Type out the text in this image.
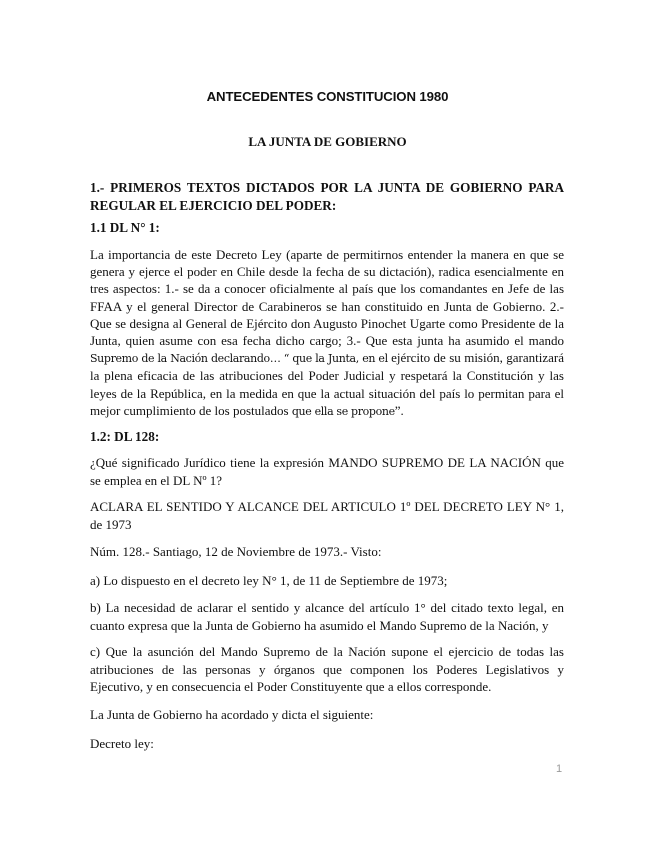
ANTECEDENTES CONSTITUCION 1980
LA JUNTA DE GOBIERNO
1.- PRIMEROS TEXTOS DICTADOS POR LA JUNTA DE GOBIERNO PARA REGULAR EL EJERCICIO DEL PODER:
1.1 DL N° 1:
La importancia de este Decreto Ley (aparte de permitirnos entender la manera en que se genera y ejerce el poder en Chile desde la fecha de su dictación), radica esencialmente en tres aspectos: 1.- se da a conocer oficialmente al país que los comandantes en Jefe de las FFAA y el general Director de Carabineros se han constituido en Junta de Gobierno. 2.- Que se designa al General de Ejército don Augusto Pinochet Ugarte como Presidente de la Junta, quien asume con esa fecha dicho cargo; 3.- Que esta junta ha asumido el mando Supremo de la Nación declarando… “ que la Junta, en el ejército de su misión, garantizará la plena eficacia de las atribuciones del Poder Judicial y respetará la Constitución y las leyes de la República, en la medida en que la actual situación del país lo permitan para el mejor cumplimiento de los postulados que ella se propone”.
1.2: DL 128:
¿Qué significado Jurídico tiene la expresión MANDO SUPREMO DE LA NACIÓN que se emplea en el DL Nº 1?
ACLARA EL SENTIDO Y ALCANCE DEL ARTICULO 1º DEL DECRETO LEY N° 1, de 1973
Núm. 128.- Santiago, 12 de Noviembre de 1973.- Visto:
a) Lo dispuesto en el decreto ley N° 1, de 11 de Septiembre de 1973;
b) La necesidad de aclarar el sentido y alcance del artículo 1° del citado texto legal, en cuanto expresa que la Junta de Gobierno ha asumido el Mando Supremo de la Nación, y
c) Que la asunción del Mando Supremo de la Nación supone el ejercicio de todas las atribuciones de las personas y órganos que componen los Poderes Legislativos y Ejecutivo, y en consecuencia el Poder Constituyente que a ellos corresponde.
La Junta de Gobierno ha acordado y dicta el siguiente:
Decreto ley:
1
